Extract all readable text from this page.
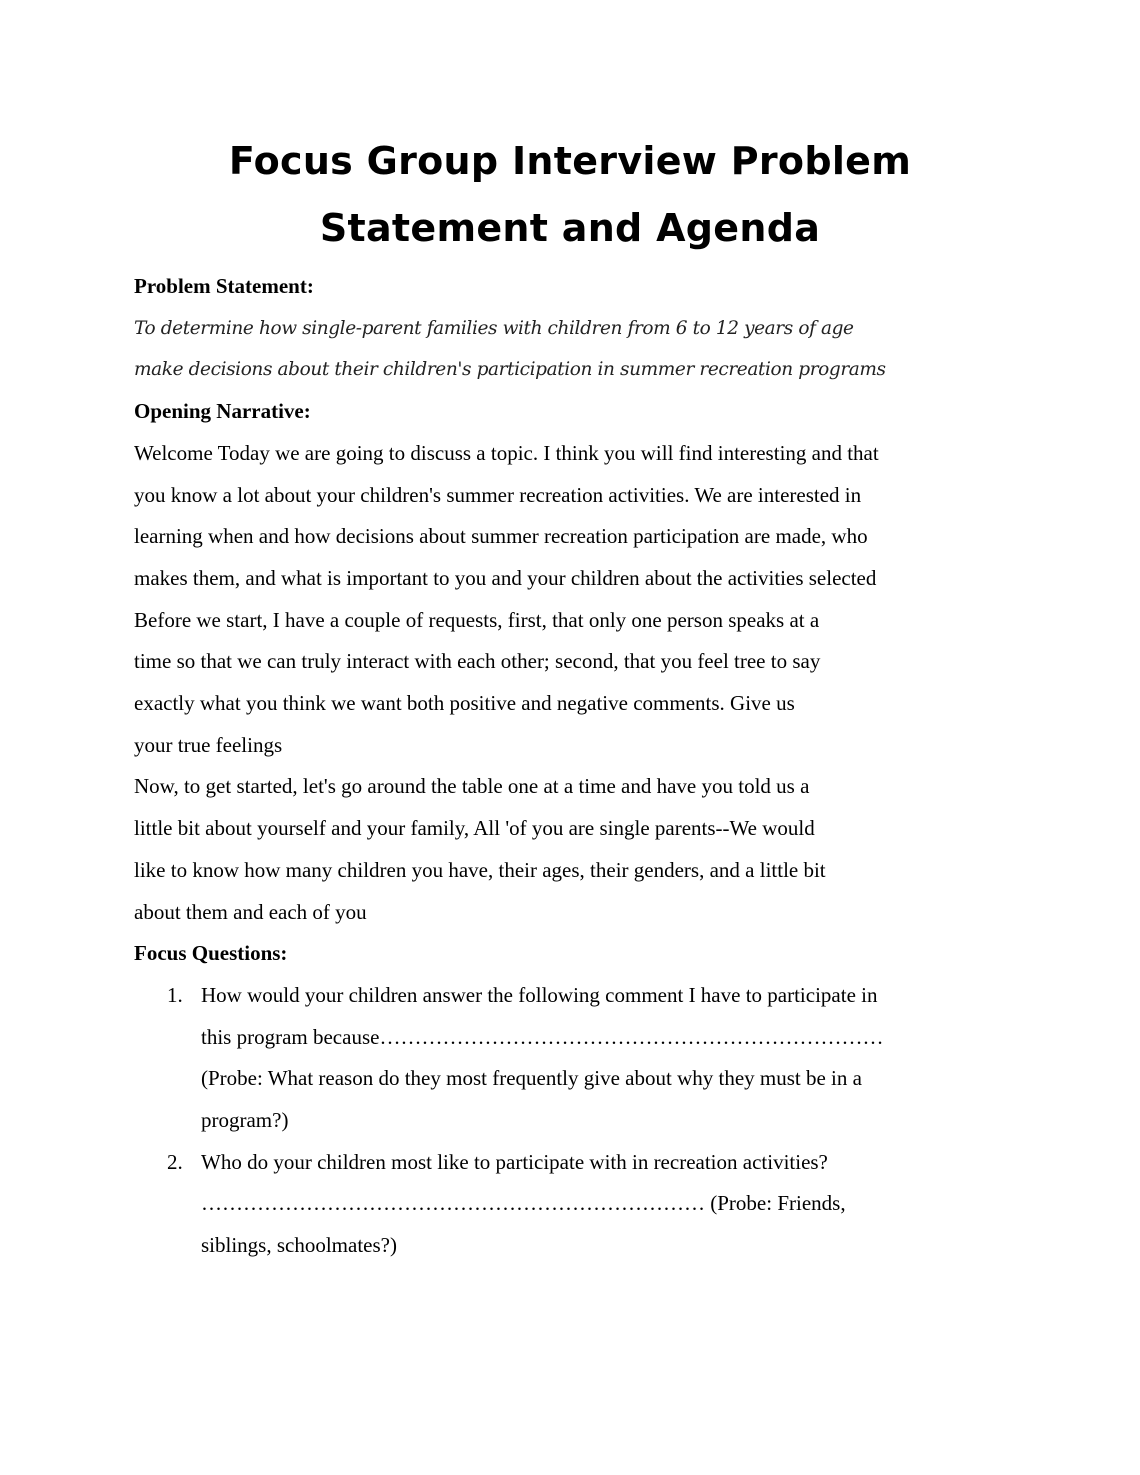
Focus Group Interview Problem
Statement and Agenda
Problem Statement:
To determine how single-parent families with children from 6 to 12 years of age
make decisions about their children's participation in summer recreation programs
Opening Narrative:
Welcome Today we are going to discuss a topic. I think you will find interesting and that
you know a lot about your children's summer recreation activities. We are interested in
learning when and how decisions about summer recreation participation are made, who
makes them, and what is important to you and your children about the activities selected
Before we start, I have a couple of requests, first, that only one person speaks at a
time so that we can truly interact with each other; second, that you feel tree to say
exactly what you think we want both positive and negative comments. Give us
your true feelings
Now, to get started, let's go around the table one at a time and have you told us a
little bit about yourself and your family, All 'of you are single parents--We would
like to know how many children you have, their ages, their genders, and a little bit
about them and each of you
Focus Questions:
1. How would your children answer the following comment I have to participate in
this program because………………………………………………………………
(Probe: What reason do they most frequently give about why they must be in a
program?)
2. Who do your children most like to participate with in recreation activities?
……………………………………………………………… (Probe: Friends,
siblings, schoolmates?)
